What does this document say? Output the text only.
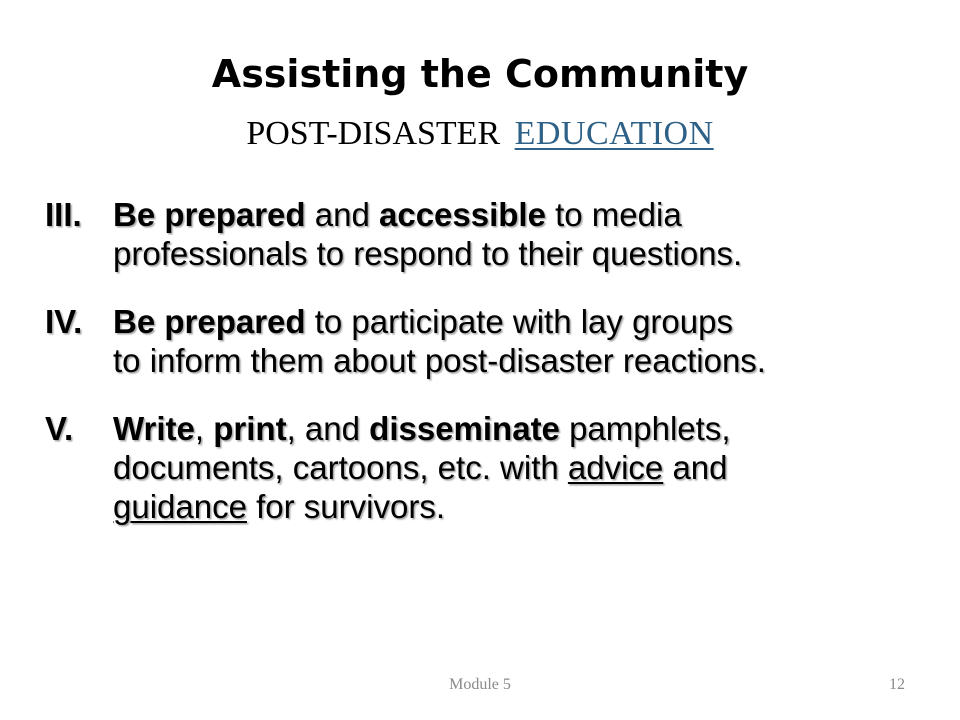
Assisting the Community
POST-DISASTER EDUCATION
III. Be prepared and accessible to media
professionals to respond to their questions.
IV. Be prepared to participate with lay groups
to inform them about post-disaster reactions.
V. Write, print, and disseminate pamphlets,
documents, cartoons, etc. with advice and
guidance for survivors.
Module 5	12
